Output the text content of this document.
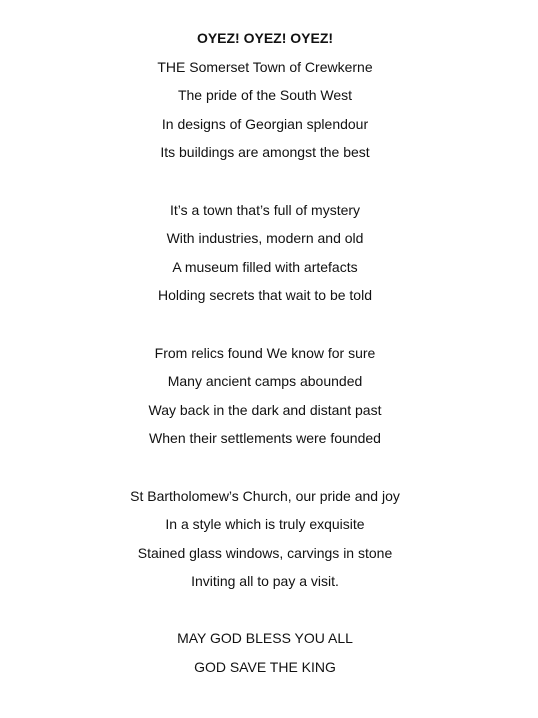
OYEZ! OYEZ! OYEZ!
THE Somerset Town of Crewkerne
The pride of the South West
In designs of Georgian splendour
Its buildings are amongst the best
It’s a town that’s full of mystery
With industries, modern and old
A museum filled with artefacts
Holding secrets that wait to be told
From relics found We know for sure
Many ancient camps abounded
Way back in the dark and distant past
When their settlements were founded
St Bartholomew’s Church, our pride and joy
In a style which is truly exquisite
Stained glass windows, carvings in stone
Inviting all to pay a visit.
MAY GOD BLESS YOU ALL
GOD SAVE THE KING
